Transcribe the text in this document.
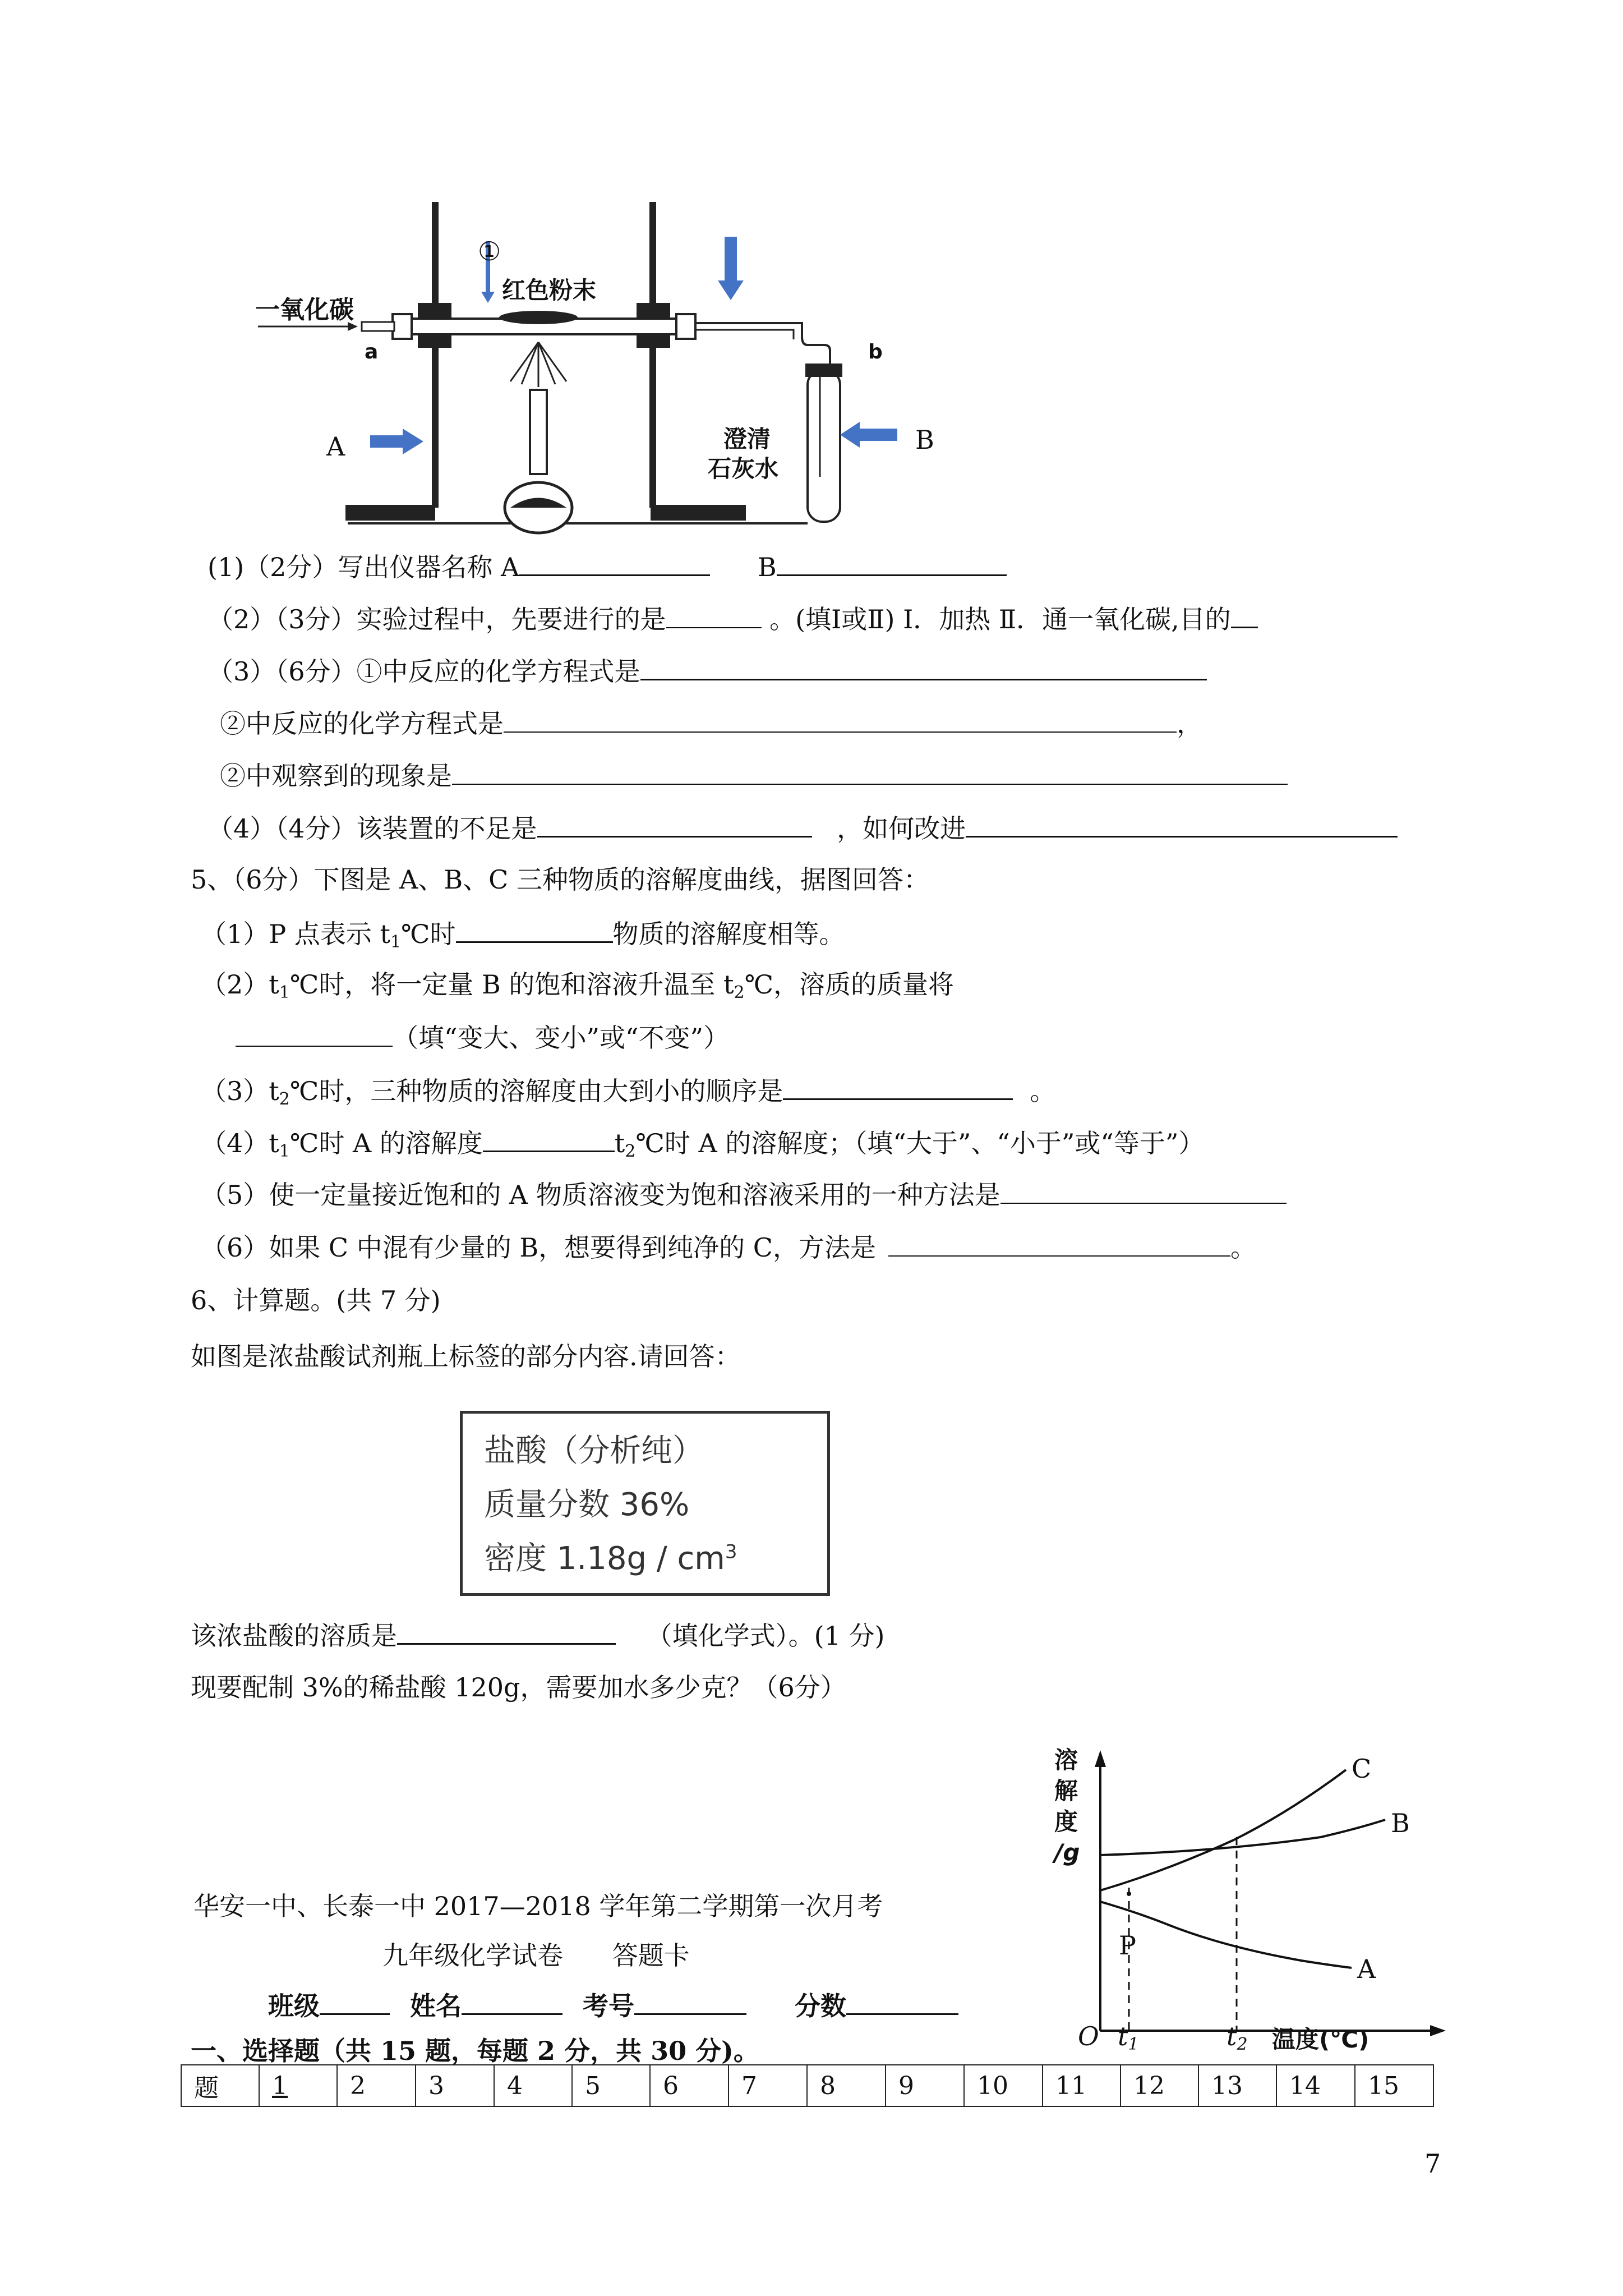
一氧化碳
a	b
①
红色粉末
A	B
澄清
石灰水
(1)（2分）写出仪器名称 A	B
（2）（3分）实验过程中，先要进行的是	。(填Ⅰ或Ⅱ) Ⅰ．加热 Ⅱ．通一氧化碳,目的
（3）（6分）①中反应的化学方程式是
②中反应的化学方程式是	，
②中观察到的现象是
（4）（4分）该装置的不足是	，如何改进
5、（6分）下图是 A、B、C 三种物质的溶解度曲线，据图回答：
（1）P 点表示 $t_1℃$时	物质的溶解度相等。
$(2)t_1℃$时，将一定量 B 的饱和溶液升温至 $t_2℃$，溶质的质量将
（填“变大、变小”或“不变”）
$(3)t_2℃$时，三种物质的溶解度由大到小的顺序是	。
$(4)t_1℃$时 A 的溶解度	$t_2℃$时 A 的溶解度；（填“大于”、“小于”或“等于”）
（5）使一定量接近饱和的 A 物质溶液变为饱和溶液采用的一种方法是
（6）如果 C 中混有少量的 B，想要得到纯净的 C，方法是	。
6、计算题。(共 7 分)
如图是浓盐酸试剂瓶上标签的部分内容.请回答：
盐酸（分析纯）
质量分数 36%
密度 $1.18g / cm^3$
该浓盐酸的溶质是	（填化学式）。(1 分)
现要配制 3%的稀盐酸 120g，需要加水多少克？（6分）
溶
解
度
/g
C
B
A
P
O $t_1$	$t_2$ 温度(℃)
华安一中、长泰一中 2017—2018 学年第二学期第一次月考
九年级化学试卷      答题卡
班级	姓名	考号	分数
一、选择题（共 15 题，每题 2 分，共 30 分)。
题	1	2	3	4	5	6	7	8	9	10	11	12	13	14	15
7
